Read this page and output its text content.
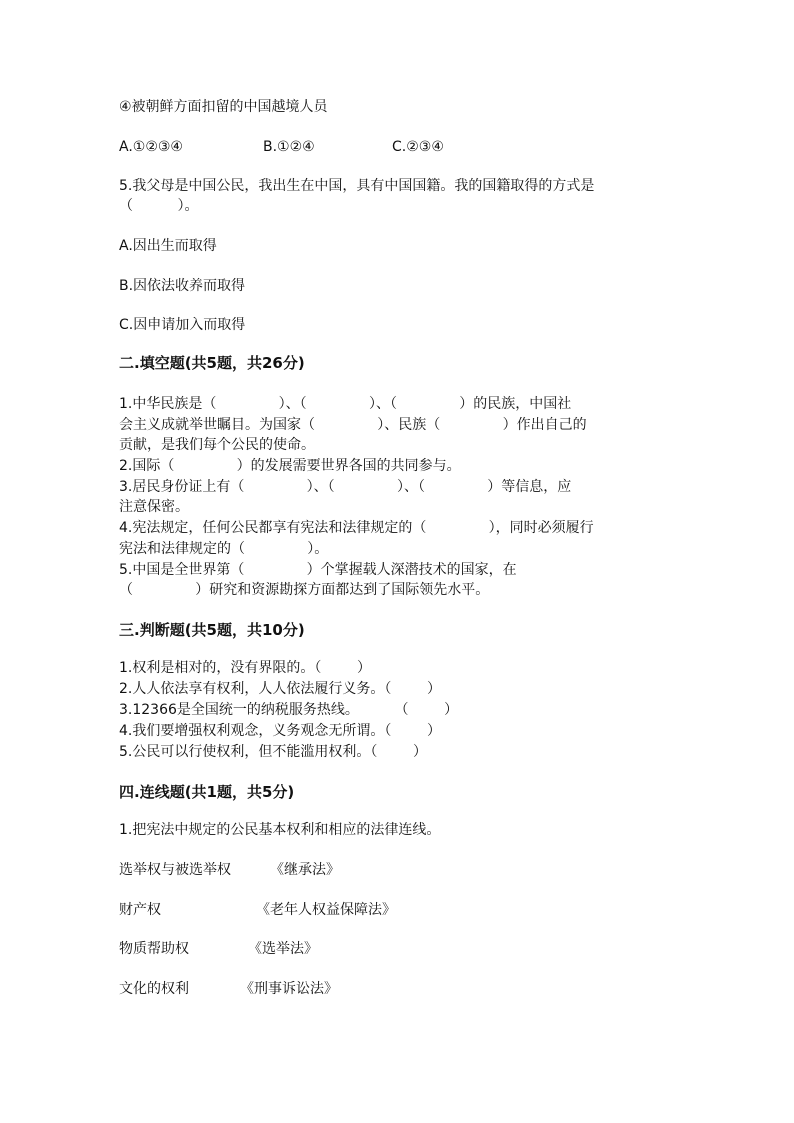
④被朝鲜方面扣留的中国越境人员
A.①②③④	B.①②④	C.②③④
5.我父母是中国公民，我出生在中国，具有中国国籍。我的国籍取得的方式是
（          ）。
A.因出生而取得
B.因依法收养而取得
C.因申请加入而取得
二.填空题(共5题，共26分)
1.中华民族是（              ）、（              ）、（              ）的民族，中国社
会主义成就举世瞩目。为国家（              ）、民族（              ）作出自己的
贡献，是我们每个公民的使命。
2.国际（              ）的发展需要世界各国的共同参与。
3.居民身份证上有（              ）、（              ）、（              ）等信息，应
注意保密。
4.宪法规定，任何公民都享有宪法和法律规定的（              ），同时必须履行
宪法和法律规定的（              ）。
5.中国是全世界第（              ）个掌握载人深潜技术的国家，在
（              ）研究和资源勘探方面都达到了国际领先水平。
三.判断题(共5题，共10分)
1.权利是相对的，没有界限的。（        ）
2.人人依法享有权利，人人依法履行义务。（        ）
3.12366是全国统一的纳税服务热线。        （        ）
4.我们要增强权利观念，义务观念无所谓。（        ）
5.公民可以行使权利，但不能滥用权利。（        ）
四.连线题(共1题，共5分)
1.把宪法中规定的公民基本权利和相应的法律连线。
选举权与被选举权	《继承法》
财产权	《老年人权益保障法》
物质帮助权	《选举法》
文化的权利	《刑事诉讼法》
